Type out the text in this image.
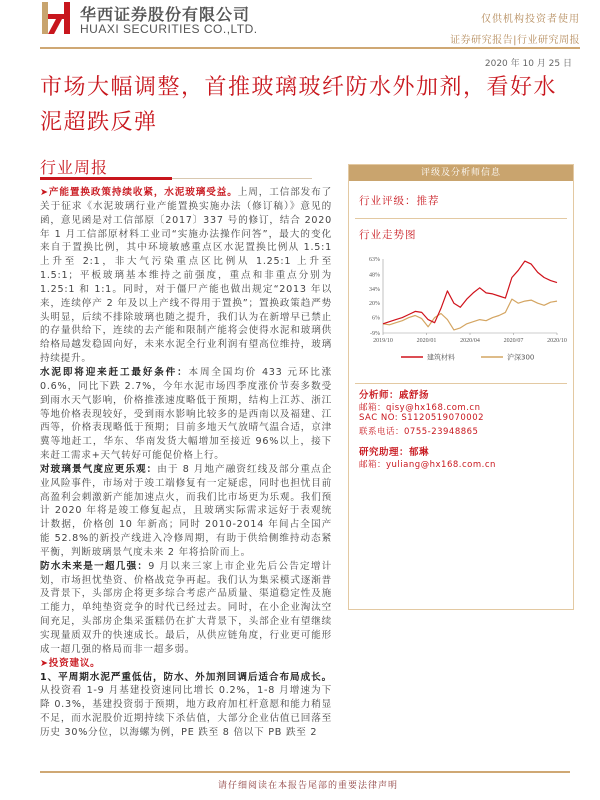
华西证券股份有限公司
HUAXI SECURITIES CO.,LTD.
仅供机构投资者使用
证券研究报告|行业研究周报
2020 年 10 月 25 日
市场大幅调整，首推玻璃玻纤防水外加剂，看好水泥超跌反弹
行业周报

➤产能置换政策持续收紧，水泥玻璃受益。上周，工信部发布了关于征求《水泥玻璃行业产能置换实施办法（修订稿）》意见的函，意见函是对工信部原〔2017〕337 号的修订，结合 2020 年 1 月工信部原材料工业司“实施办法操作问答”，最大的变化来自于置换比例，其中环境敏感重点区水泥置换比例从 1.5:1 上升至 2:1，非大气污染重点区比例从 1.25:1 上升至 1.5:1；平板玻璃基本维持之前强度，重点和非重点分别为 1.25:1 和 1:1。同时，对于僵尸产能也做出规定“2013 年以来，连续停产 2 年及以上产线不得用于置换”；置换政策趋严势头明显，后续不排除玻璃也随之提升，我们认为在新增早已禁止的存量供给下，连续的去产能和限制产能将会使得水泥和玻璃供给格局越发稳固向好，未来水泥全行业利润有望高位维持，玻璃持续提升。

水泥即将迎来赶工最好条件：本周全国均价 433 元环比涨 0.6%，同比下跌 2.7%，今年水泥市场四季度涨价节奏多数受到雨水天气影响，价格推涨速度略低于预期，结构上江苏、浙江等地价格表现较好，受到雨水影响比较多的是西南以及福建、江西等，价格表现略低于预期；目前多地天气放晴气温合适，京津冀等地赶工，华东、华南发货大幅增加至接近 96%以上，接下来赶工需求+天气转好可能促价格上行。

对玻璃景气度应更乐观：由于 8 月地产融资红线及部分重点企业风险事件，市场对于竣工端修复有一定疑虑，同时也担忧目前高盈利会刺激新产能加速点火，而我们比市场更为乐观。我们预计 2020 年将是竣工修复起点，且玻璃实际需求远好于表观统计数据，价格创 10 年新高；同时 2010-2014 年间占全国产能 52.8%的新投产线进入冷修周期，有助于供给侧维持动态紧平衡，判断玻璃景气度未来 2 年将拾阶而上。

防水未来是一超几强：9 月以来三家上市企业先后公告定增计划，市场担忧垫资、价格战竞争再起。我们认为集采模式逐渐普及背景下，头部房企将更多综合考虑产品质量、渠道稳定性及施工能力，单纯垫资竞争的时代已经过去。同时，在小企业淘汰空间充足，头部房企集采蛋糕仍在扩大背景下，头部企业有望继续实现量质双升的快速成长。最后，从供应链角度，行业更可能形成一超几强的格局而非一超多弱。

➤投资建议。

1、平周期水泥严重低估，防水、外加剂回调后适合布局成长。从投资看 1-9 月基建投资速同比增长 0.2%，1-8 月增速为下降 0.3%，基建投资弱于预期，地方政府加杠杆意愿和能力稍显不足，而水泥股价近期持续下杀估值，大部分企业估值已回落至历史 30%分位，以海螺为例，PE 跌至 8 倍以下 PB 跌至 2

评级及分析师信息
行业评级：推荐
行业走势图
63%
48%
34%
20%
6%
-9%
2019/10	2020/01	2020/04	2020/07	2020/10
建筑材料	沪深300
分析师：戚舒扬
邮箱：qisy@hx168.com.cn
SAC NO: S1120519070002
联系电话：0755-23948865
研究助理：郁琳
邮箱：yuliang@hx168.com.cn
请仔细阅读在本报告尾部的重要法律声明
